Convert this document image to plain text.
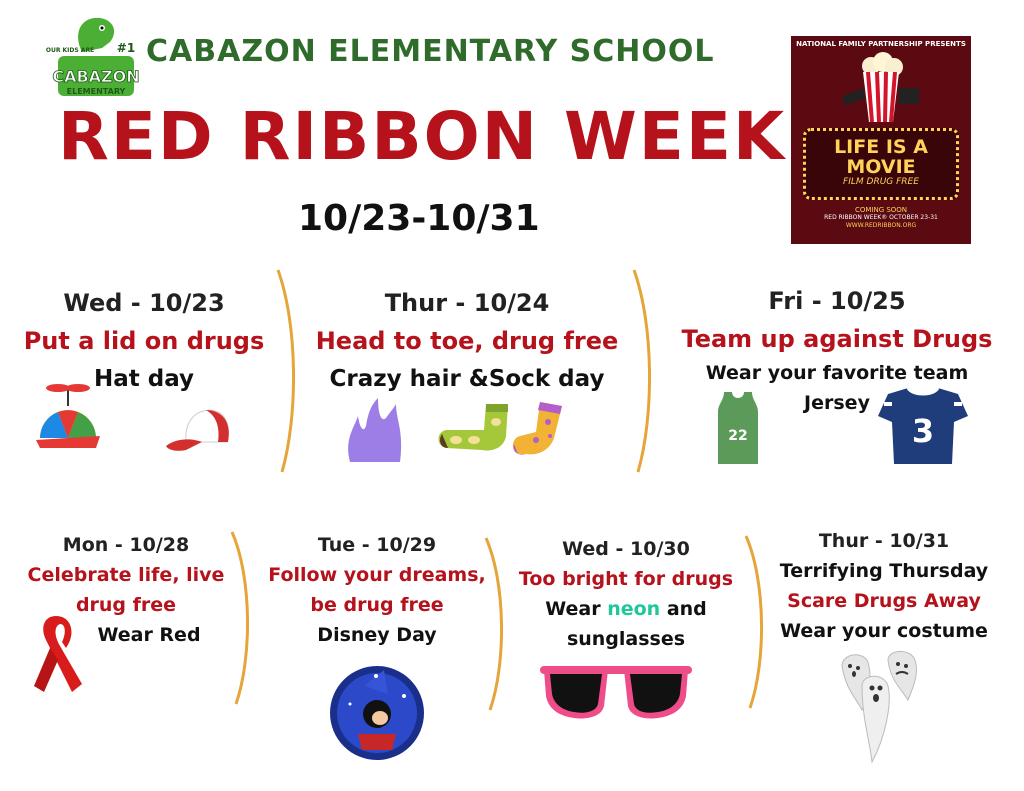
CABAZON
ELEMENTARY
OUR KIDS ARE #1 CABAZON ELEMENTARY SCHOOL
RED RIBBON WEEK
10/23-10/31
NATIONAL FAMILY PARTNERSHIP PRESENTS
LIFE IS A
MOVIE
FILM DRUG FREE
COMING SOON
RED RIBBON WEEK® OCTOBER 23-31
WWW.REDRIBBON.ORG
Wed - 10/23
Put a lid on drugs
Hat day
Thur - 10/24
Head to toe, drug free
Crazy hair &Sock day
Fri - 10/25
Team up against Drugs
Wear your favorite team
Jersey
22	3
Mon - 10/28
Celebrate life, live
drug free
Wear Red
Tue - 10/29
Follow your dreams,
be drug free
Disney Day
Wed - 10/30
Too bright for drugs
Wear neon and
sunglasses
Thur - 10/31
Terrifying Thursday
Scare Drugs Away
Wear your costume
